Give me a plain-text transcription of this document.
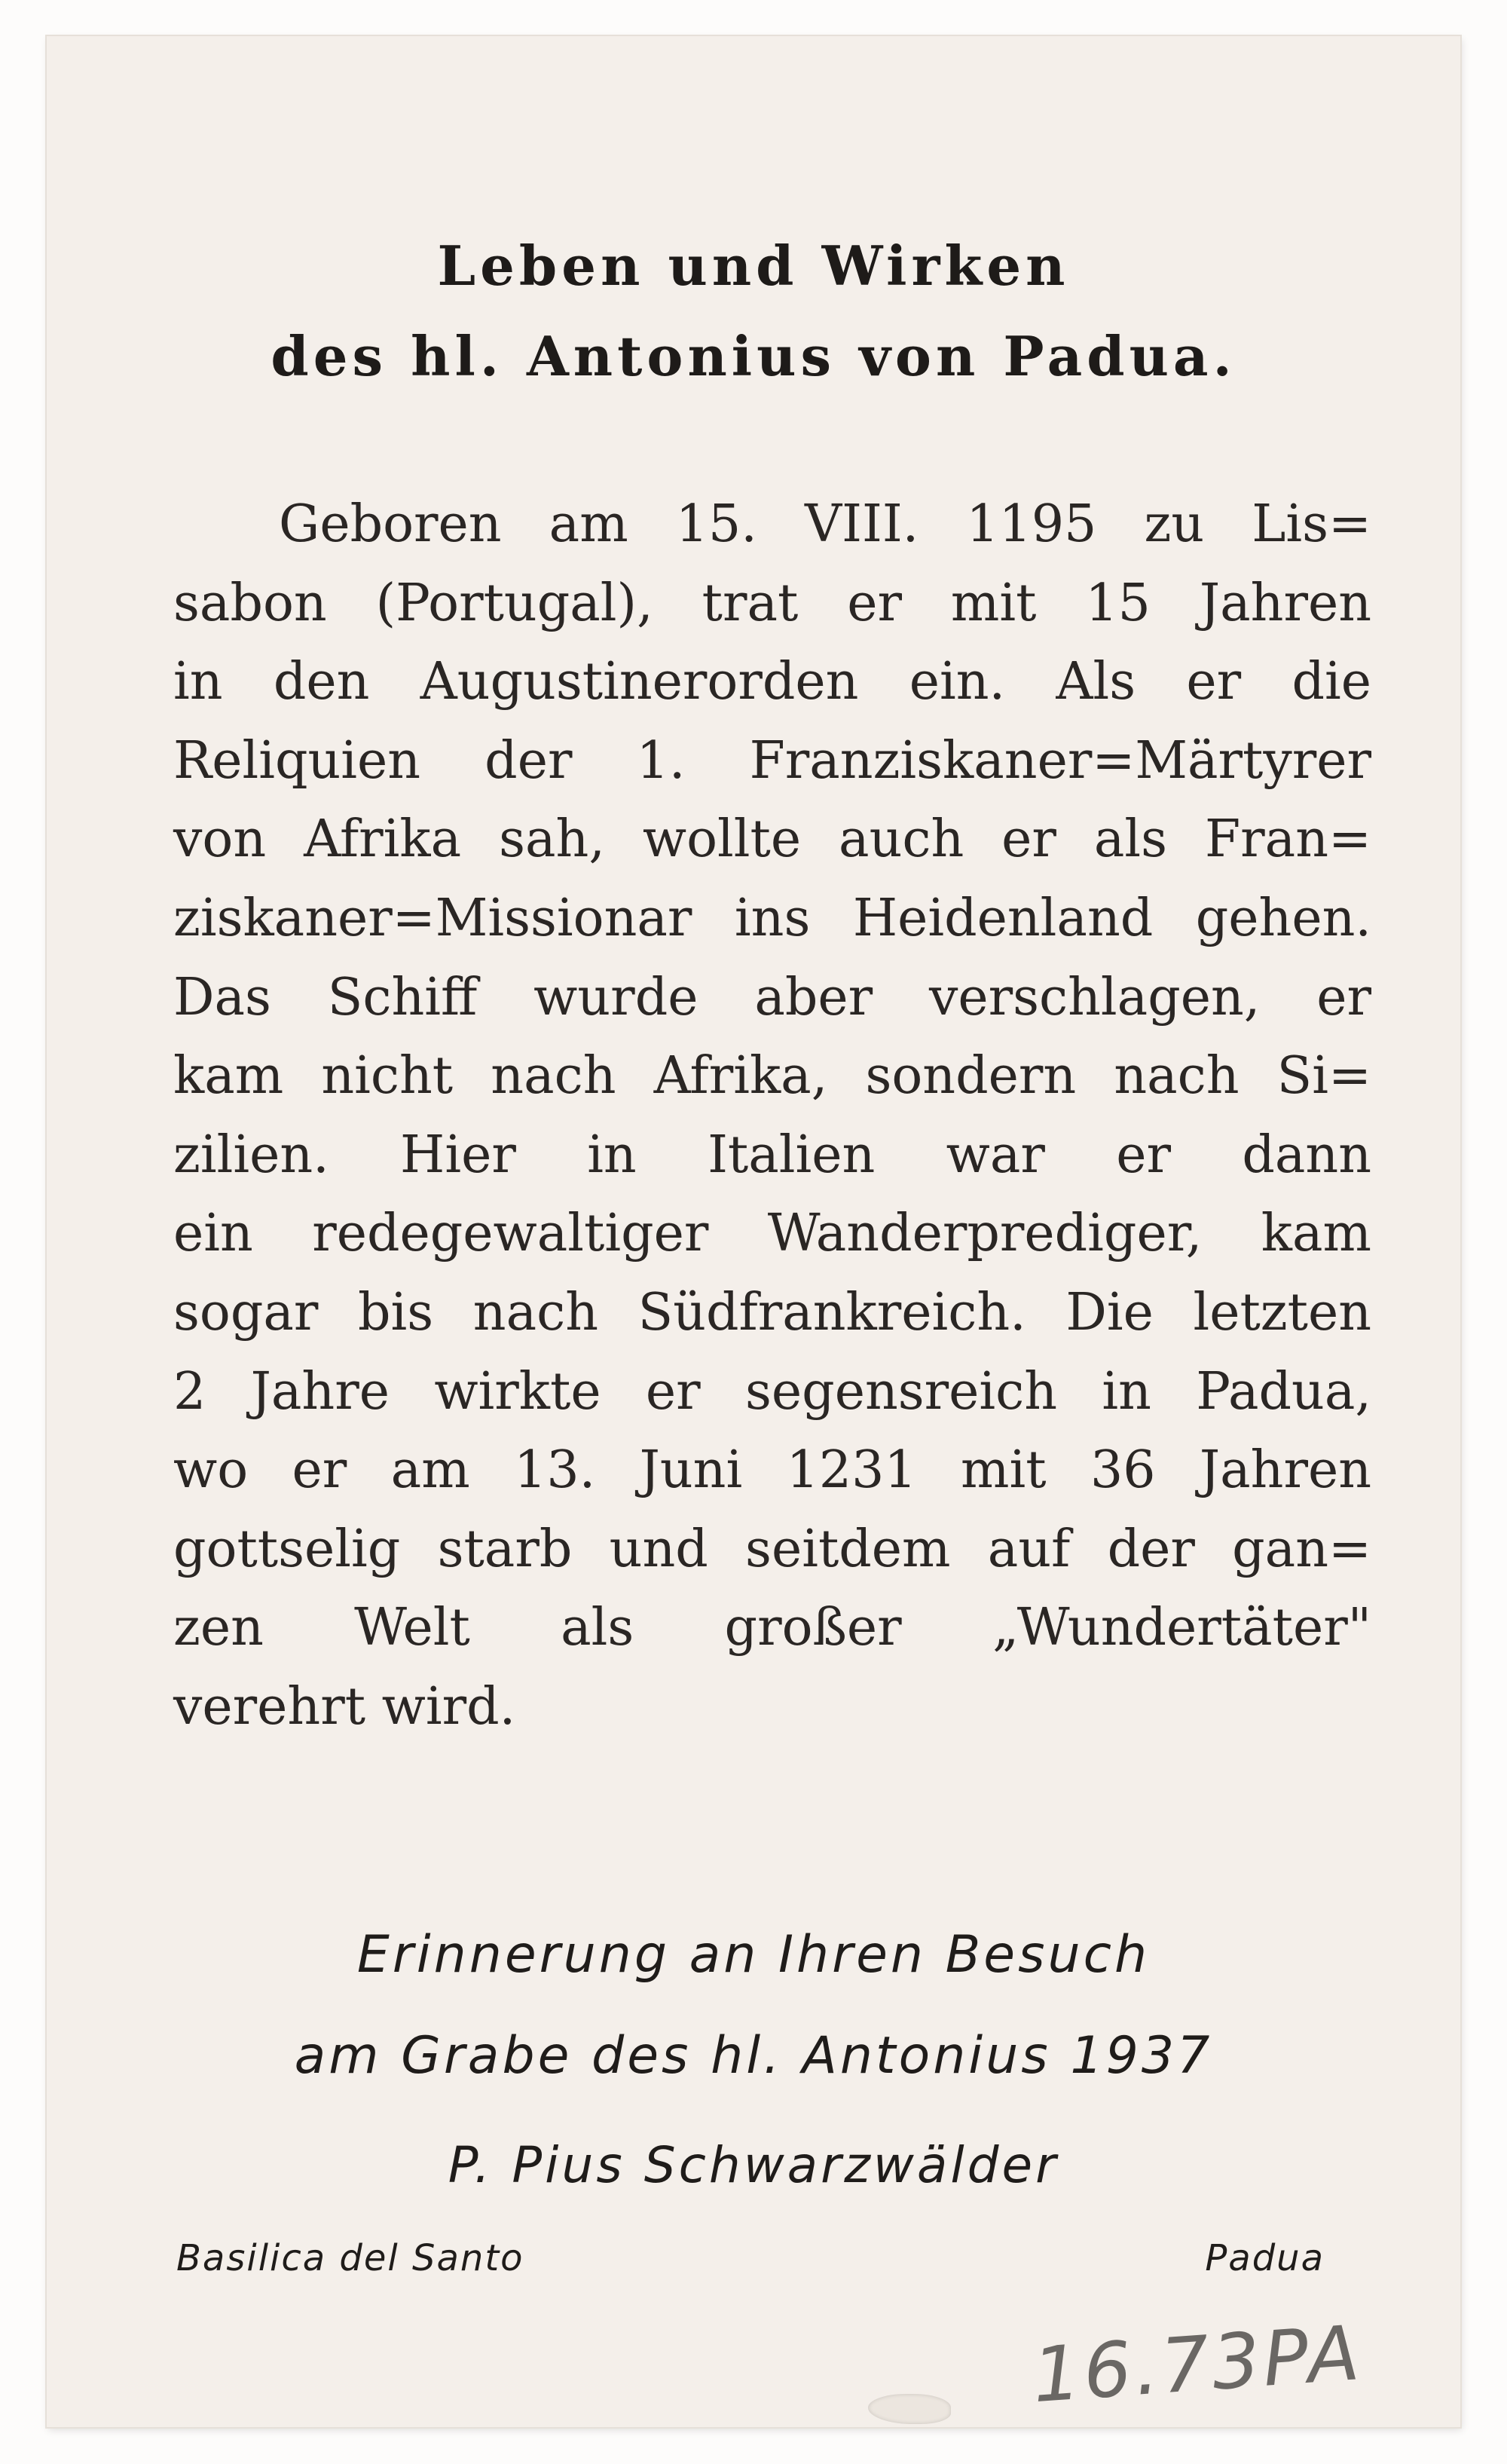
Leben und Wirken
des hl. Antonius von Padua.
Geboren am 15. VIII. 1195 zu Lis=
sabon (Portugal), trat er mit 15 Jahren
in den Augustinerorden ein. Als er die
Reliquien der 1. Franziskaner=Märtyrer
von Afrika sah, wollte auch er als Fran=
ziskaner=Missionar ins Heidenland gehen.
Das Schiff wurde aber verschlagen, er
kam nicht nach Afrika, sondern nach Si=
zilien. Hier in Italien war er dann
ein redegewaltiger Wanderprediger, kam
sogar bis nach Südfrankreich. Die letzten
2 Jahre wirkte er segensreich in Padua,
wo er am 13. Juni 1231 mit 36 Jahren
gottselig starb und seitdem auf der gan=
zen Welt als großer „Wundertäter"
verehrt wird.
Erinnerung an Ihren Besuch
am Grabe des hl. Antonius 1937
P. Pius Schwarzwälder
Basilica del Santo	Padua
16.73PA
